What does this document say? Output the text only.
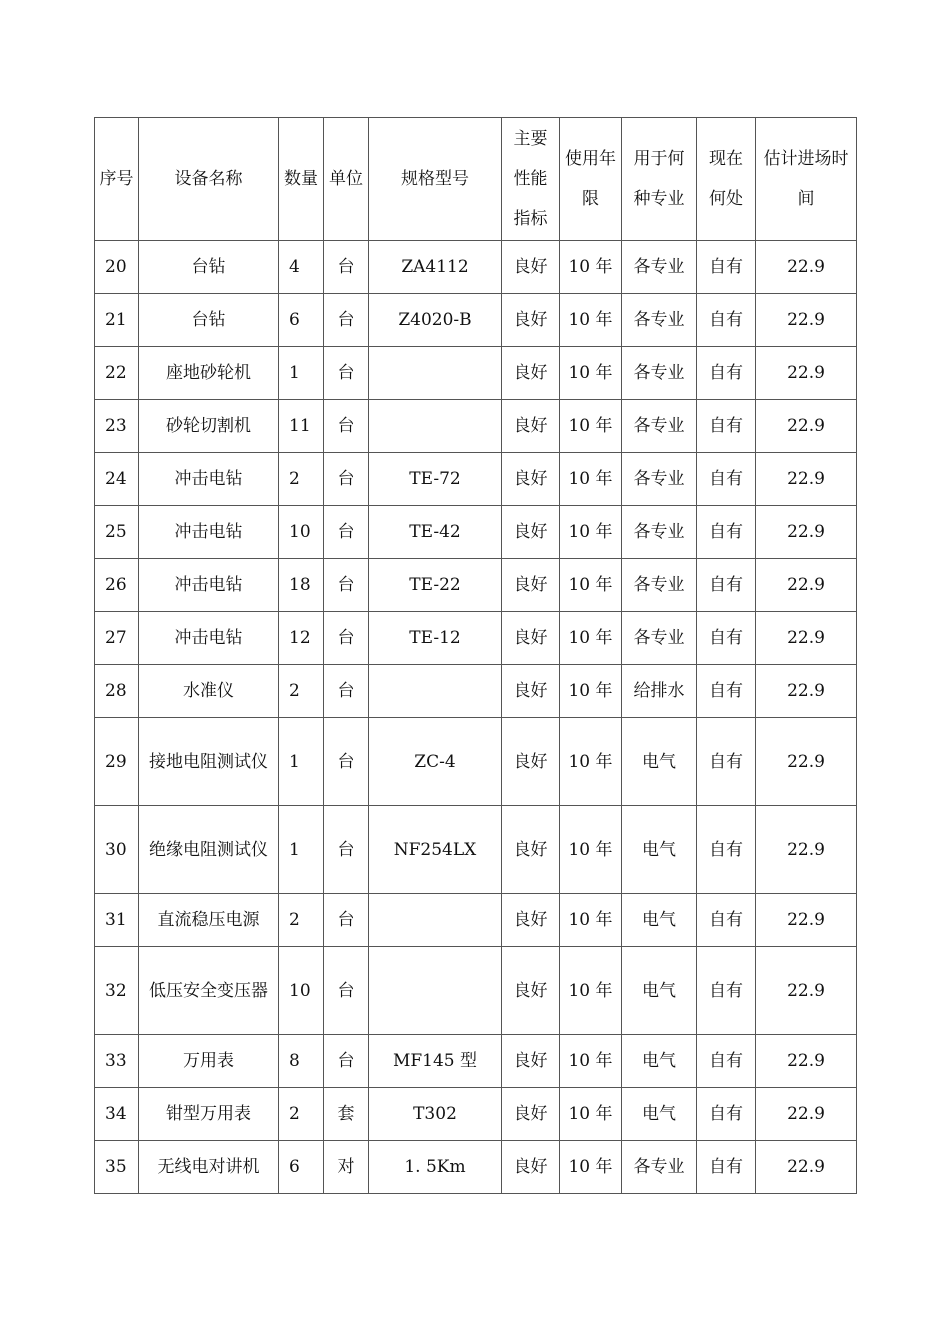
序号	设备名称	数量	单位	规格型号	主要性能指标	使用年限	用于何种专业	现在何处	估计进场时间
20	台钻	4	台	ZA4112	良好	10 年	各专业	自有	22.9
21	台钻	6	台	Z4020-B	良好	10 年	各专业	自有	22.9
22	座地砂轮机	1	台		良好	10 年	各专业	自有	22.9
23	砂轮切割机	11	台		良好	10 年	各专业	自有	22.9
24	冲击电钻	2	台	TE-72	良好	10 年	各专业	自有	22.9
25	冲击电钻	10	台	TE-42	良好	10 年	各专业	自有	22.9
26	冲击电钻	18	台	TE-22	良好	10 年	各专业	自有	22.9
27	冲击电钻	12	台	TE-12	良好	10 年	各专业	自有	22.9
28	水准仪	2	台		良好	10 年	给排水	自有	22.9
29	接地电阻测试仪	1	台	ZC-4	良好	10 年	电气	自有	22.9
30	绝缘电阻测试仪	1	台	NF254LX	良好	10 年	电气	自有	22.9
31	直流稳压电源	2	台		良好	10 年	电气	自有	22.9
32	低压安全变压器	10	台		良好	10 年	电气	自有	22.9
33	万用表	8	台	MF145 型	良好	10 年	电气	自有	22.9
34	钳型万用表	2	套	T302	良好	10 年	电气	自有	22.9
35	无线电对讲机	6	对	1. 5Km	良好	10 年	各专业	自有	22.9
